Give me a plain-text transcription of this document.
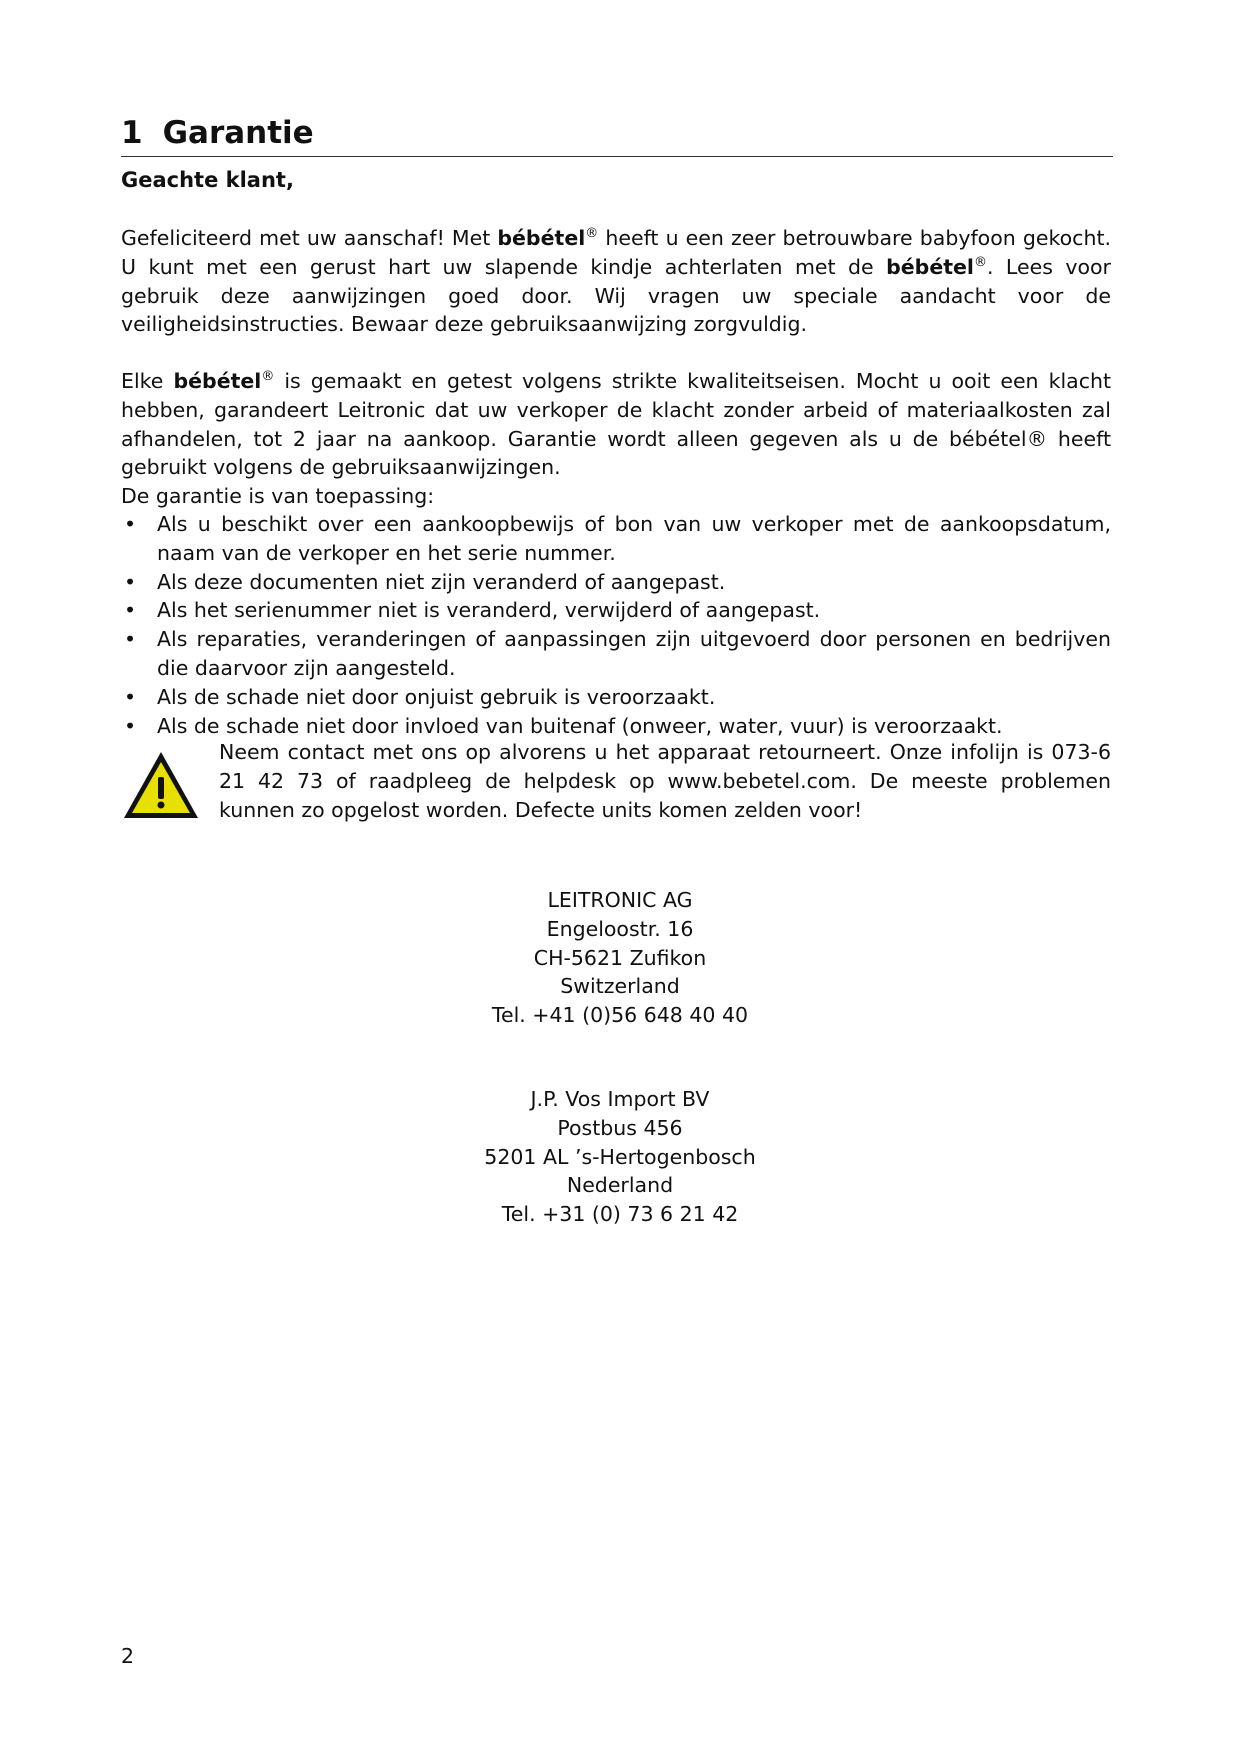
1 Garantie
Geachte klant,
Gefeliciteerd met uw aanschaf! Met bébétel® heeft u een zeer betrouwbare babyfoon gekocht. U kunt met een gerust hart uw slapende kindje achterlaten met de bébétel®. Lees voor gebruik deze aanwijzingen goed door. Wij vragen uw speciale aandacht voor de veiligheidsinstructies. Bewaar deze gebruiksaanwijzing zorgvuldig.
Elke bébétel® is gemaakt en getest volgens strikte kwaliteitseisen. Mocht u ooit een klacht hebben, garandeert Leitronic dat uw verkoper de klacht zonder arbeid of materiaalkosten zal afhandelen, tot 2 jaar na aankoop. Garantie wordt alleen gegeven als u de bébétel® heeft gebruikt volgens de gebruiksaanwijzingen.
De garantie is van toepassing:
• Als u beschikt over een aankoopbewijs of bon van uw verkoper met de aankoopsdatum, naam van de verkoper en het serie nummer.
• Als deze documenten niet zijn veranderd of aangepast.
• Als het serienummer niet is veranderd, verwijderd of aangepast.
• Als reparaties, veranderingen of aanpassingen zijn uitgevoerd door personen en bedrijven die daarvoor zijn aangesteld.
• Als de schade niet door onjuist gebruik is veroorzaakt.
• Als de schade niet door invloed van buitenaf (onweer, water, vuur) is veroorzaakt.
Neem contact met ons op alvorens u het apparaat retourneert. Onze infolijn is 073-6 21 42 73 of raadpleeg de helpdesk op www.bebetel.com. De meeste problemen kunnen zo opgelost worden. Defecte units komen zelden voor!
LEITRONIC AG
Engeloostr. 16
CH-5621 Zufikon
Switzerland
Tel. +41 (0)56 648 40 40
J.P. Vos Import BV
Postbus 456
5201 AL ’s-Hertogenbosch
Nederland
Tel. +31 (0) 73 6 21 42
2
